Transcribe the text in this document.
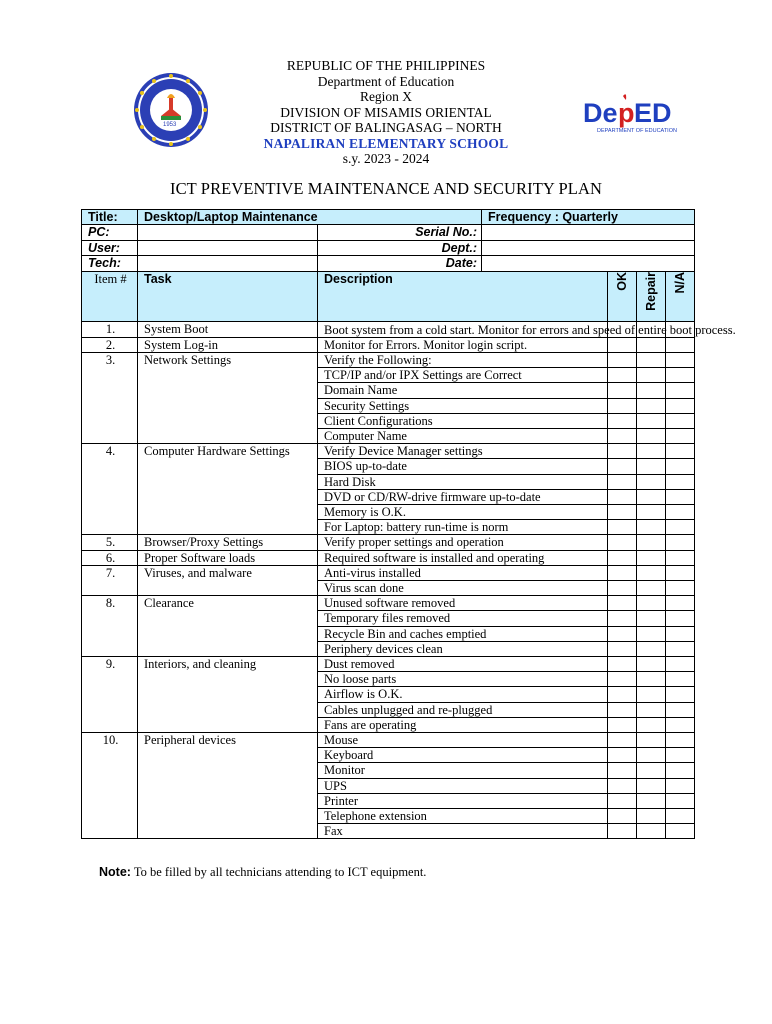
1953	De p ED
DEPARTMENT OF EDUCATION
REPUBLIC OF THE PHILIPPINES
Department of Education
Region X
DIVISION OF MISAMIS ORIENTAL
DISTRICT OF BALINGASAG – NORTH
NAPALIRAN ELEMENTARY SCHOOL
s.y. 2023 - 2024
ICT PREVENTIVE MAINTENANCE AND SECURITY PLAN
Title:	Desktop/Laptop Maintenance		Frequency : Quarterly			
PC:		Serial No.:				
User:		Dept.:				
Tech:		Date:				
Item #	Task	Description		OK	Repair	N/A
1.	System Boot	Boot system from a cold start. Monitor for errors and speed of entire boot process.				
2.	System Log-in	Monitor for Errors. Monitor login script.				
3.	Network Settings	Verify the Following:				
		TCP/IP and/or IPX Settings are Correct				
		Domain Name				
		Security Settings				
		Client Configurations				
		Computer Name				
4.	Computer Hardware Settings	Verify Device Manager settings				
		BIOS up-to-date				
		Hard Disk				
		DVD or CD/RW-drive firmware up-to-date				
		Memory is O.K.				
		For Laptop: battery run-time is norm				
5.	Browser/Proxy Settings	Verify proper settings and operation				
6.	Proper Software loads	Required software is installed and operating				
7.	Viruses, and malware	Anti-virus installed				
		Virus scan done				
8.	Clearance	Unused software removed				
		Temporary files removed				
		Recycle Bin and caches emptied				
		Periphery devices clean				
9.	Interiors, and cleaning	Dust removed				
		No loose parts				
		Airflow is O.K.				
		Cables unplugged and re-plugged				
		Fans are operating				
10.	Peripheral devices	Mouse				
		Keyboard				
		Monitor				
		UPS				
		Printer				
		Telephone extension				
		Fax				
Note: To be filled by all technicians attending to ICT equipment.
